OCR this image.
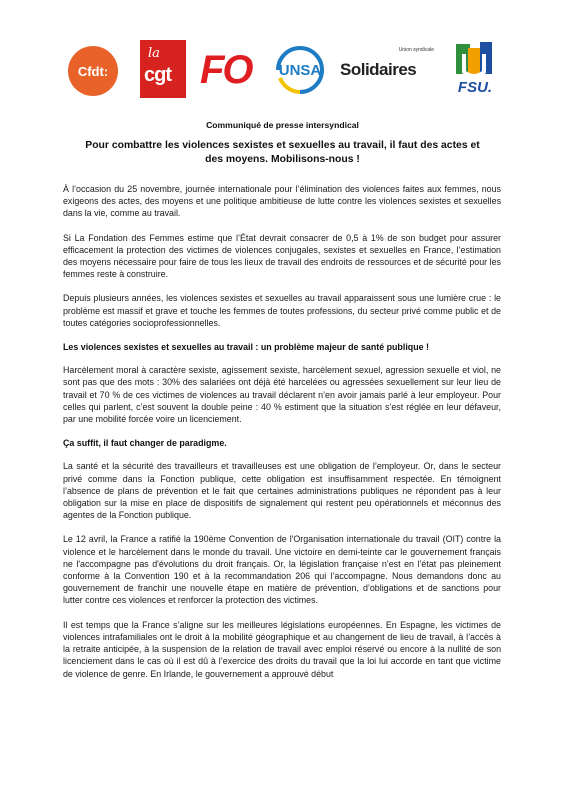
Cfdt:
la
cgt FO UNSA
Union syndicale
Solidaires
FSU.
Communiqué de presse intersyndical
Pour combattre les violences sexistes et sexuelles au travail, il faut des actes et des moyens. Mobilisons-nous !

À l’occasion du 25 novembre, journée internationale pour l’élimination des violences faites aux femmes, nous exigeons des actes, des moyens et une politique ambitieuse de lutte contre les violences sexistes et sexuelles dans la vie, comme au travail.

Si La Fondation des Femmes estime que l’État devrait consacrer de 0,5 à 1% de son budget pour assurer efficacement la protection des victimes de violences conjugales, sexistes et sexuelles en France, l’estimation des moyens nécessaire pour faire de tous les lieux de travail des endroits de ressources et de sécurité pour les femmes reste à construire.

Depuis plusieurs années, les violences sexistes et sexuelles au travail apparaissent sous une lumière crue : le problème est massif et grave et touche les femmes de toutes professions, du secteur privé comme public et de toutes catégories socioprofessionnelles.

Les violences sexistes et sexuelles au travail : un problème majeur de santé publique !

Harcèlement moral à caractère sexiste, agissement sexiste, harcèlement sexuel, agression sexuelle et viol, ne sont pas que des mots : 30% des salariées ont déjà été harcelées ou agressées sexuellement sur leur lieu de travail et 70 % de ces victimes de violences au travail déclarent n’en avoir jamais parlé à leur employeur. Pour celles qui parlent, c’est souvent la double peine : 40 % estiment que la situation s’est réglée en leur défaveur, par une mobilité forcée voire un licenciement.

Ça suffit, il faut changer de paradigme.

La santé et la sécurité des travailleurs et travailleuses est une obligation de l’employeur. Or, dans le secteur privé comme dans la Fonction publique, cette obligation est insuffisamment respectée. En témoignent l’absence de plans de prévention et le fait que certaines administrations publiques ne répondent pas à leur obligation sur la mise en place de dispositifs de signalement qui restent peu opérationnels et méconnus des agentes de la Fonction publique.

Le 12 avril, la France a ratifié la 190ème Convention de l'Organisation internationale du travail (OIT) contre la violence et le harcèlement dans le monde du travail. Une victoire en demi-teinte car le gouvernement français ne l'accompagne pas d'évolutions du droit français. Or, la législation française n’est en l’état pas pleinement conforme à la Convention 190 et à la recommandation 206 qui l’accompagne. Nous demandons donc au gouvernement de franchir une nouvelle étape en matière de prévention, d’obligations et de sanctions pour lutter contre ces violences et renforcer la protection des victimes.

Il est temps que la France s’aligne sur les meilleures législations européennes. En Espagne, les victimes de violences intrafamiliales ont le droit à la mobilité géographique et au changement de lieu de travail, à l’accès à la retraite anticipée, à la suspension de la relation de travail avec emploi réservé ou encore à la nullité de son licenciement dans le cas où il est dû à l’exercice des droits du travail que la loi lui accorde en tant que victime de violence de genre. En Irlande, le gouvernement a approuvé début
